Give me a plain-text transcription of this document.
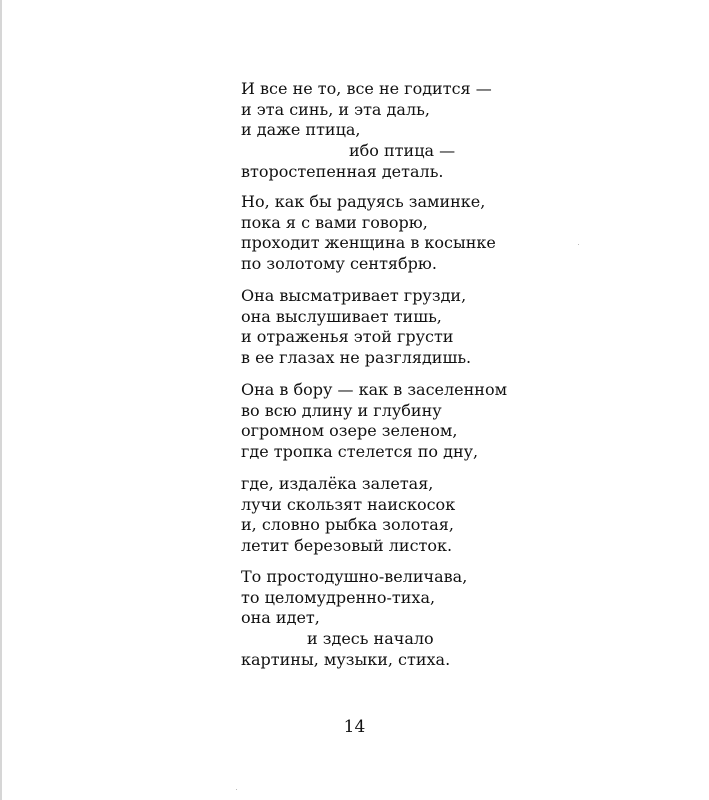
И все не то, все не годится —
и эта синь, и эта даль,
и даже птица,
ибо птица —
второстепенная деталь.
Но, как бы радуясь заминке,
пока я с вами говорю,
проходит женщина в косынке
по золотому сентябрю.
Она высматривает грузди,
она выслушивает тишь,
и отраженья этой грусти
в ее глазах не разглядишь.
Она в бору — как в заселенном
во всю длину и глубину
огромном озере зеленом,
где тропка стелется по дну,
где, издалёка залетая,
лучи скользят наискосок
и, словно рыбка золотая,
летит березовый листок.
То простодушно-величава,
то целомудренно-тиха,
она идет,
и здесь начало
картины, музыки, стиха.
14
